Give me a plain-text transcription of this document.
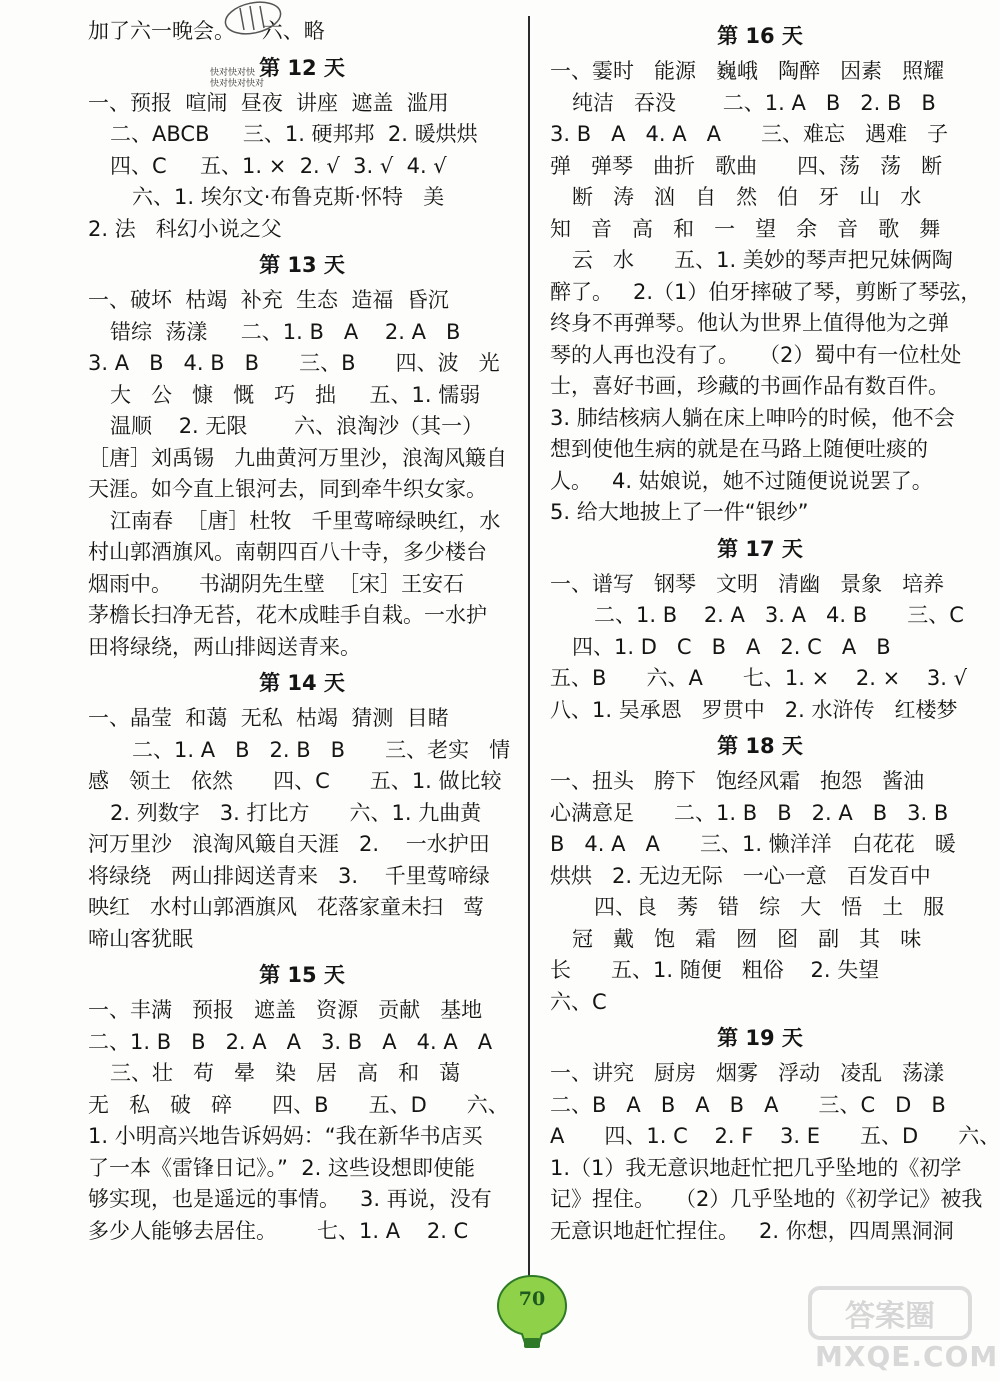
加了六一晚会。    六、略
第 12 天
一、预报  喧闹  昼夜  讲座  遮盖  滥用
二、ABCB     三、1. 硬邦邦  2. 暖烘烘
四、C     五、1. ×  2. √  3. √  4. √
六、1. 埃尔文·布鲁克斯·怀特   美
2. 法   科幻小说之父
第 13 天
一、破坏  枯竭  补充  生态  造福  昏沉
错综  荡漾     二、1. B   A    2. A   B
3. A   B   4. B   B      三、B      四、波   光
大   公   慷   慨   巧   拙     五、1. 懦弱
温顺    2. 无限       六、浪淘沙（其一）
［唐］刘禹锡   九曲黄河万里沙，浪淘风簸自
天涯。如今直上银河去，同到牵牛织女家。
江南春  ［唐］杜牧   千里莺啼绿映红，水
村山郭酒旗风。南朝四百八十寺，多少楼台
烟雨中。    书湖阴先生壁  ［宋］王安石
茅檐长扫净无苔，花木成畦手自栽。一水护
田将绿绕，两山排闼送青来。
第 14 天
一、晶莹  和蔼  无私  枯竭  猜测  目睹
二、1. A   B   2. B   B      三、老实   情
感   领土   依然      四、C      五、1. 做比较
2. 列数字   3. 打比方      六、1. 九曲黄
河万里沙   浪淘风簸自天涯   2.    一水护田
将绿绕   两山排闼送青来   3.    千里莺啼绿
映红   水村山郭酒旗风   花落家童未扫   莺
啼山客犹眠
第 15 天
一、丰满   预报   遮盖   资源   贡献   基地
二、1. B   B   2. A   A   3. B   A   4. A   A
三、壮   苟   晕   染   居   高   和   蔼
无   私   破   碎      四、B      五、D      六、
1. 小明高兴地告诉妈妈：“我在新华书店买
了一本《雷锋日记》。”  2. 这些设想即使能
够实现，也是遥远的事情。   3. 再说，没有
多少人能够去居住。      七、1. A    2. C
第 16 天
一、霎时   能源   巍峨   陶醉   因素   照耀
纯洁   吞没       二、1. A   B   2. B   B
3. B   A   4. A   A      三、难忘   遇难   子
弹   弹琴   曲折   歌曲      四、荡   荡   断
断   涛   汹   自   然   伯   牙   山   水
知   音   高   和   一   望   余   音   歌   舞
云   水      五、1. 美妙的琴声把兄妹俩陶
醉了。   2.（1）伯牙摔破了琴，剪断了琴弦，
终身不再弹琴。他认为世界上值得他为之弹
琴的人再也没有了。   （2）蜀中有一位杜处
士，喜好书画，珍藏的书画作品有数百件。
3. 肺结核病人躺在床上呻吟的时候，他不会
想到使他生病的就是在马路上随便吐痰的
人。   4. 姑娘说，她不过随便说说罢了。
5. 给大地披上了一件“银纱”
第 17 天
一、谱写   钢琴   文明   清幽   景象   培养
二、1. B    2. A   3. A   4. B      三、C
四、1. D   C   B   A   2. C   A   B
五、B      六、A      七、1. ×    2. ×    3. √
八、1. 吴承恩   罗贯中   2. 水浒传   红楼梦
第 18 天
一、扭头   胯下   饱经风霜   抱怨   酱油
心满意足      二、1. B   B   2. A   B   3. B
B   4. A   A      三、1. 懒洋洋   白花花   暖
烘烘   2. 无边无际   一心一意   百发百中
四、良   莠   错   综   大   悟   土   服
冠   戴   饱   霜   囫   囵   副   其   味
长      五、1. 随便   粗俗    2. 失望
六、C
第 19 天
一、讲究   厨房   烟雾   浮动   凌乱   荡漾
二、B   A   B   A   B   A      三、C   D   B
A      四、1. C    2. F    3. E      五、D      六、
1.（1）我无意识地赶忙把几乎坠地的《初学
记》捏住。   （2）几乎坠地的《初学记》被我
无意识地赶忙捏住。   2. 你想，四周黑洞洞
快对快对快
快对快对快对
70	答案圈
MXQE.COM
